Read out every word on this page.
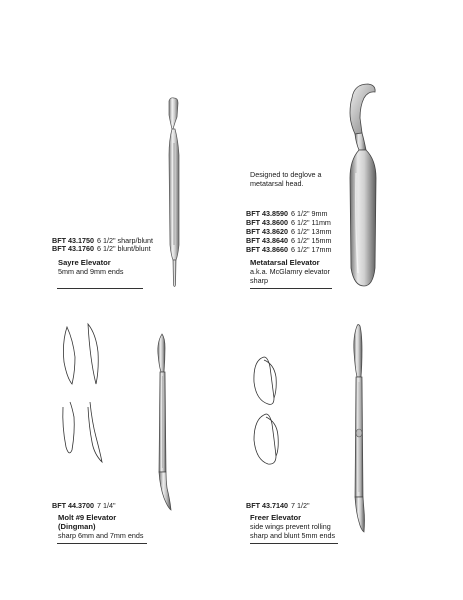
BFT 43.1750 6 1/2" sharp/blunt
BFT 43.1760 6 1/2" blunt/blunt
Sayre Elevator
5mm and 9mm ends
Designed to deglove a
metatarsal head.
BFT 43.8590 6 1/2" 9mm
BFT 43.8600 6 1/2" 11mm
BFT 43.8620 6 1/2" 13mm
BFT 43.8640 6 1/2" 15mm
BFT 43.8660 6 1/2" 17mm
Metatarsal Elevator
a.k.a. McGlamry elevator
sharp
BFT 44.3700 7 1/4"
Molt #9 Elevator
(Dingman)
sharp 6mm and 7mm ends
BFT 43.7140 7 1/2"
Freer Elevator
side wings prevent rolling
sharp and blunt 5mm ends
